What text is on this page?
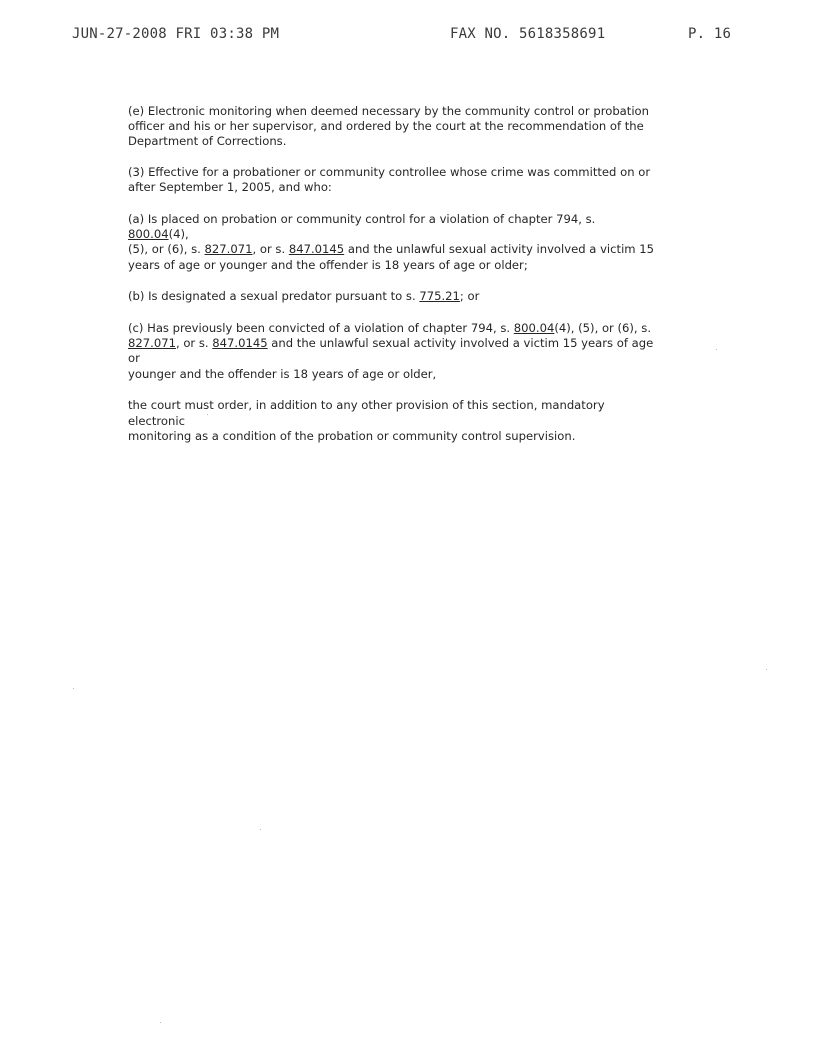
JUN-27-2008 FRI 03:38 PM	FAX NO. 5618358691	P. 16

(e) Electronic monitoring when deemed necessary by the community control or probation
officer and his or her supervisor, and ordered by the court at the recommendation of the
Department of Corrections.

(3) Effective for a probationer or community controllee whose crime was committed on or
after September 1, 2005, and who:

(a) Is placed on probation or community control for a violation of chapter 794, s. 800.04(4),
(5), or (6), s. 827.071, or s. 847.0145 and the unlawful sexual activity involved a victim 15
years of age or younger and the offender is 18 years of age or older;

(b) Is designated a sexual predator pursuant to s. 775.21; or

(c) Has previously been convicted of a violation of chapter 794, s. 800.04(4), (5), or (6), s.
827.071, or s. 847.0145 and the unlawful sexual activity involved a victim 15 years of age or
younger and the offender is 18 years of age or older,

the court must order, in addition to any other provision of this section, mandatory electronic
monitoring as a condition of the probation or community control supervision.
